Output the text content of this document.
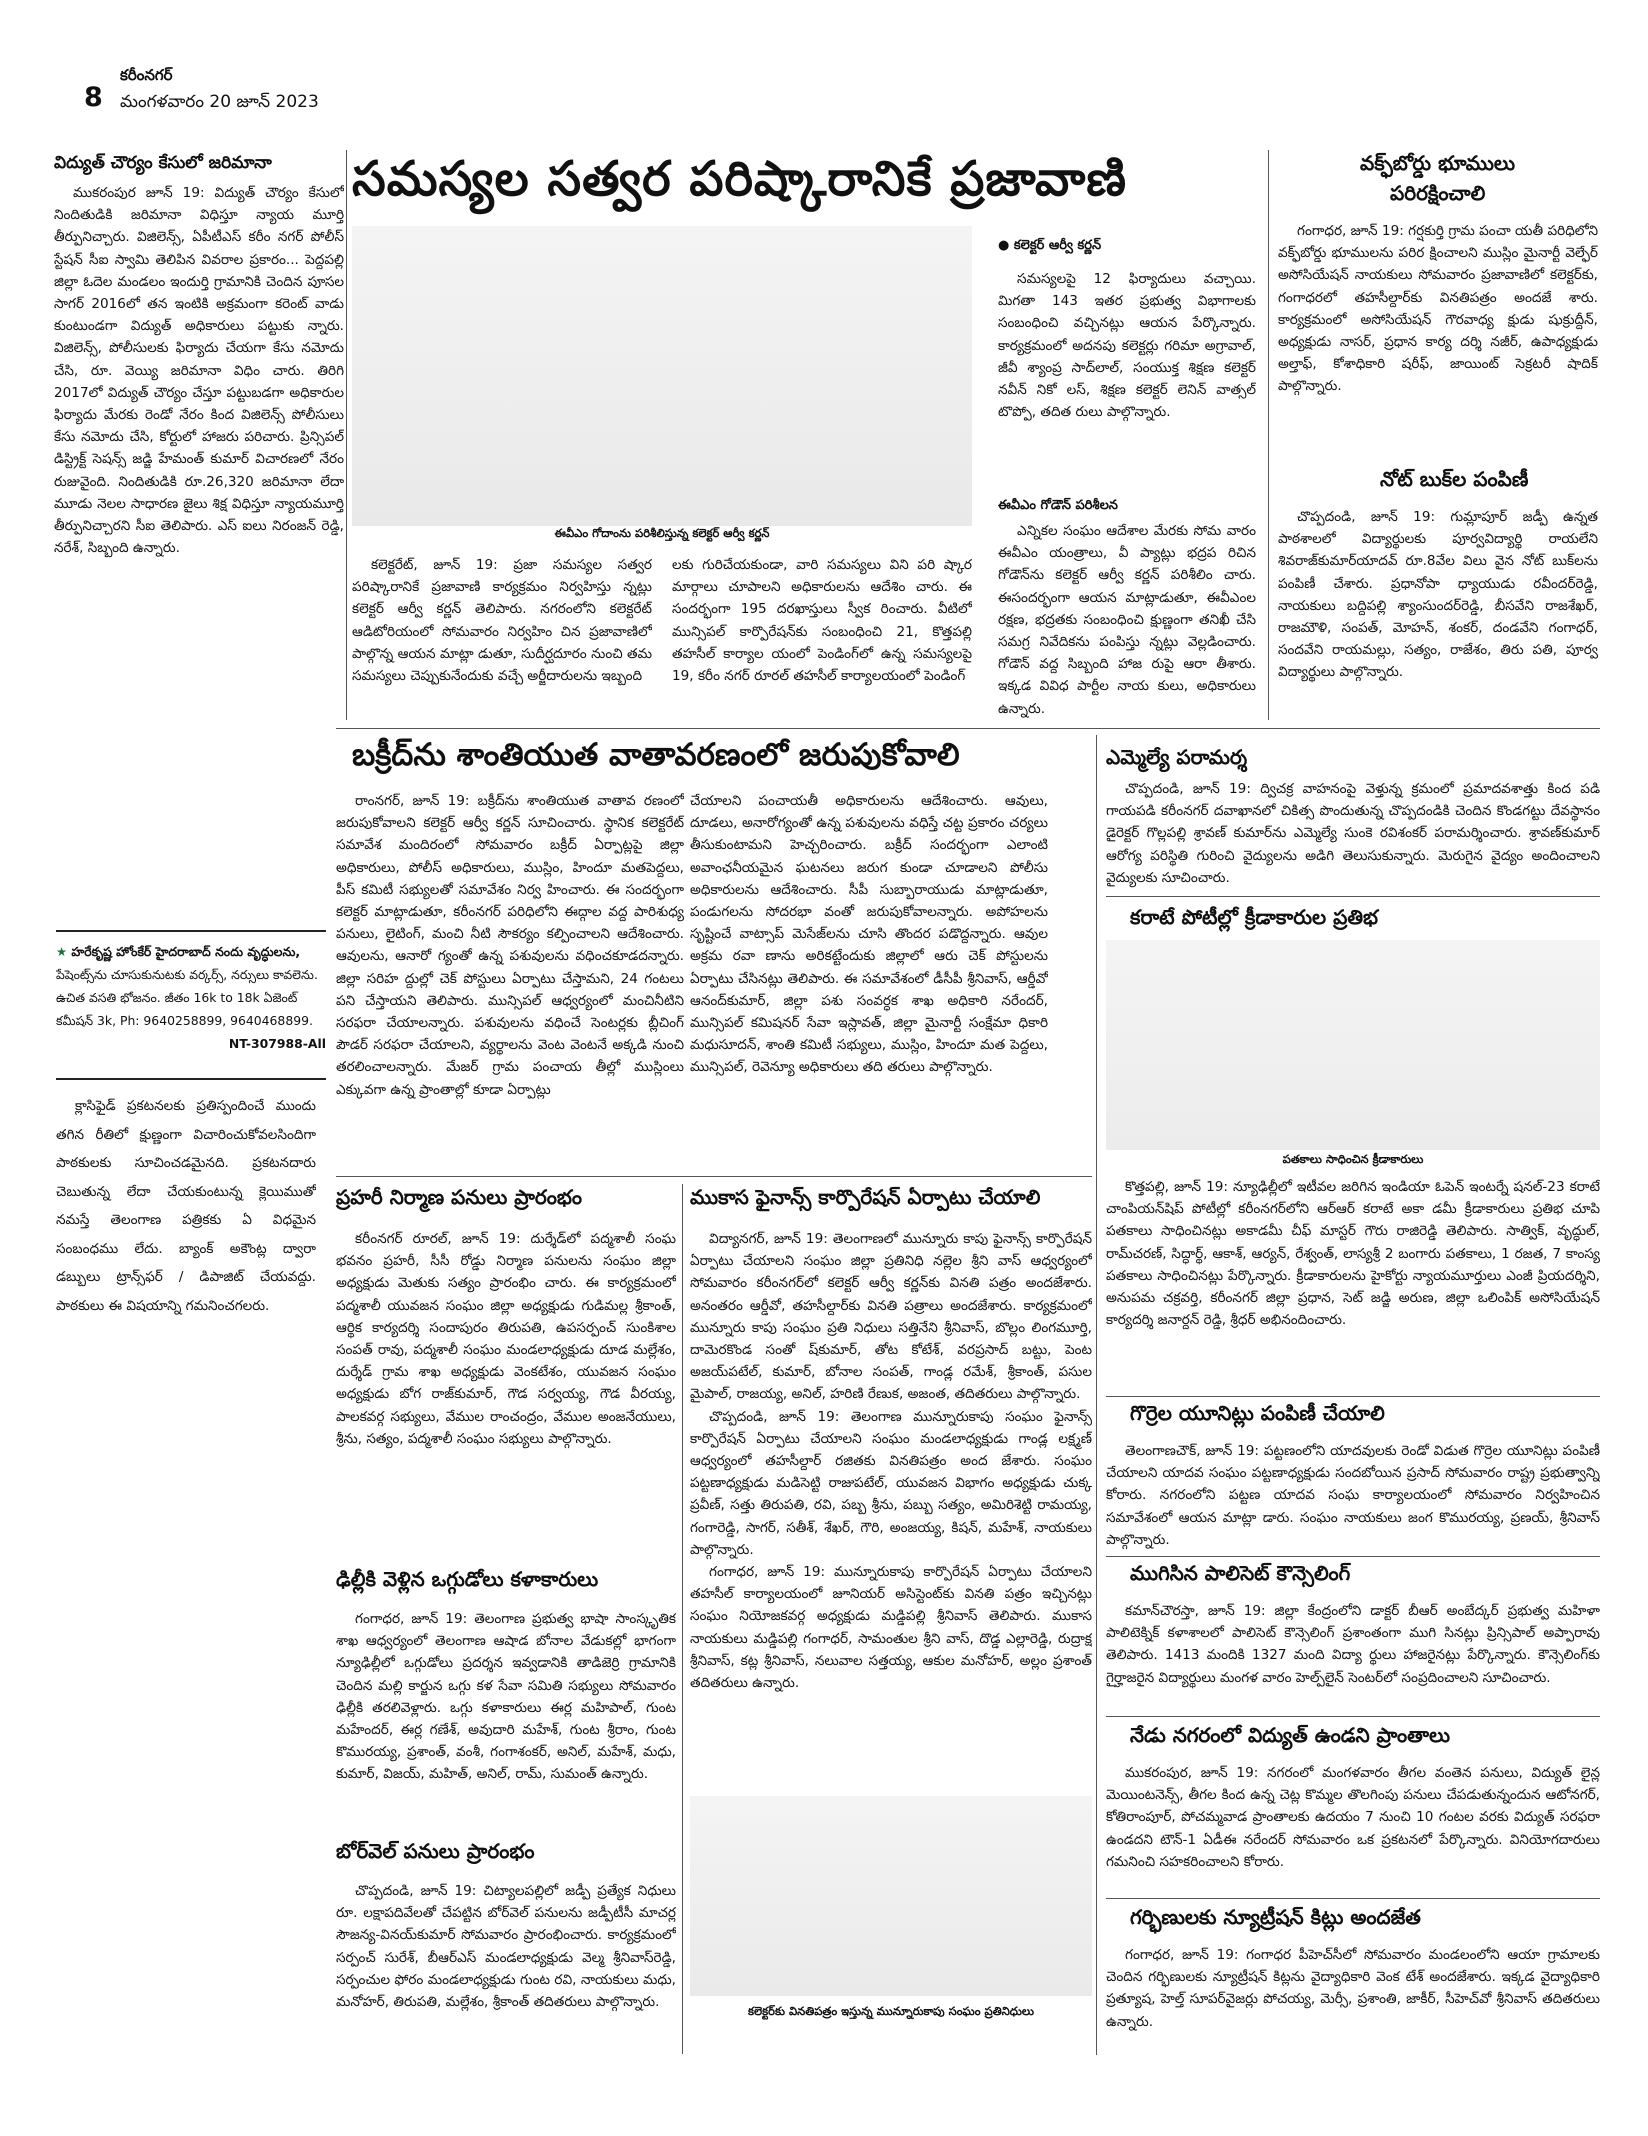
8
కరీంనగర్
మంగళవారం 20 జూన్ 2023
విద్యుత్ చౌర్యం కేసులో జరిమానా

ముకరంపుర జూన్ 19: విద్యుత్ చౌర్యం కేసులో నిందితుడికి జరిమానా విధిస్తూ న్యాయ మూర్తి తీర్పునిచ్చారు. విజిలెన్స్, ఏపీటీఎస్ కరీం నగర్ పోలీస్ స్టేషన్ సీఐ స్వామి తెలిపిన వివరాల ప్రకారం... పెద్దపల్లి జిల్లా ఓదెల మండలం ఇందుర్తి గ్రామానికి చెందిన పూసల సాగర్ 2016లో తన ఇంటికి అక్రమంగా కరెంట్ వాడు కుంటుండగా విద్యుత్ అధికారులు పట్టుకు న్నారు. విజిలెన్స్, పోలీసులకు ఫిర్యాదు చేయగా కేసు నమోదు చేసి, రూ. వెయ్యి జరిమానా విధిం చారు. తిరిగి 2017లో విద్యుత్ చౌర్యం చేస్తూ పట్టుబడగా అధికారుల ఫిర్యాదు మేరకు రెండో నేరం కింద విజిలెన్స్ పోలీసులు కేసు నమోదు చేసి, కోర్టులో హాజరు పరిచారు. ప్రిన్సిపల్ డిస్ట్రిక్ట్ సెషన్స్ జడ్జి హేమంత్ కుమార్ విచారణలో నేరం రుజువైంది. నిందితుడికి రూ.26,320 జరిమానా లేదా మూడు నెలల సాధారణ జైలు శిక్ష విధిస్తూ న్యాయమూర్తి తీర్పునిచ్చారని సీఐ తెలిపారు. ఎస్ ఐలు నిరంజన్ రెడ్డి, నరేశ్, సిబ్బంది ఉన్నారు.

సమస్యల సత్వర పరిష్కారానికే ప్రజావాణి
ఈవీఎం గోదాంను పరిశీలిస్తున్న కలెక్టర్ ఆర్వీ కర్ణన్
● కలెక్టర్ ఆర్వీ కర్ణన్

సమస్యలపై 12 ఫిర్యాదులు వచ్చాయి. మిగతా 143 ఇతర ప్రభుత్వ విభాగాలకు సంబంధించి వచ్చినట్లు ఆయన పేర్కొన్నారు. కార్యక్రమంలో అదనపు కలెక్టర్లు గరిమా అగ్రావాల్, జీవీ శ్యాంప్ర సాద్‌లాల్, సంయుక్త శిక్షణ కలెక్టర్ నవీన్ నికో లస్, శిక్షణ కలెక్టర్ లెనిన్ వాత్సల్ టొప్పో, తదిత రులు పాల్గొన్నారు.

ఈవీఎం గోడౌన్ పరిశీలన

ఎన్నికల సంఘం ఆదేశాల మేరకు సోమ వారం ఈవీఎం యంత్రాలు, వీ ప్యాట్లు భద్రప రిచిన గోడౌన్‌ను కలెక్టర్ ఆర్వీ కర్ణన్ పరిశీలిం చారు. ఈసందర్భంగా ఆయన మాట్లాడుతూ, ఈవీఎంల రక్షణ, భద్రతకు సంబంధించి క్షుణ్ణంగా తనిఖీ చేసి సమగ్ర నివేదికను పంపిస్తు న్నట్లు వెల్లడించారు. గోడౌన్ వద్ద సిబ్బంది హాజ రుపై ఆరా తీశారు. ఇక్కడ వివిధ పార్టీల నాయ కులు, అధికారులు ఉన్నారు.

కలెక్టరేట్, జూన్ 19: ప్రజా సమస్యల సత్వర పరిష్కారానికే ప్రజావాణి కార్యక్రమం నిర్వహిస్తు న్నట్లు కలెక్టర్ ఆర్వీ కర్ణన్ తెలిపారు. నగరంలోని కలెక్టరేట్ ఆడిటోరియంలో సోమవారం నిర్వహిం చిన ప్రజావాణిలో పాల్గొన్న ఆయన మాట్లా డుతూ, సుదీర్ఘదూరం నుంచి తమ సమస్యలు చెప్పుకునేందుకు వచ్చే అర్జీదారులను ఇబ్బంది

లకు గురిచేయకుండా, వారి సమస్యలు విని పరి ష్కార మార్గాలు చూపాలని అధికారులను ఆదేశిం చారు. ఈ సందర్భంగా 195 దరఖాస్తులు స్వీక రించారు. వీటిలో మున్సిపల్ కార్పొరేషన్‌కు సంబంధించి 21, కొత్తపల్లి తహసీల్ కార్యాల యంలో పెండింగ్‌లో ఉన్న సమస్యలపై 19, కరీం నగర్ రూరల్ తహసీల్ కార్యాలయంలో పెండింగ్

వక్ఫ్‌బోర్డు భూములు
పరిరక్షించాలి

గంగాధర, జూన్ 19: గర్షకుర్తి గ్రామ పంచా యతీ పరిధిలోని వక్ఫ్‌బోర్డు భూములను పరిర క్షించాలని ముస్లిం మైనార్టీ వెల్ఫేర్ అసోసియేషన్ నాయకులు సోమవారం ప్రజావాణిలో కలెక్టర్‌కు, గంగాధరలో తహసీల్దార్‌కు వినతిపత్రం అందజే శారు. కార్యక్రమంలో అసోసియేషన్ గౌరవాధ్య క్షుడు షుక్రుద్దీన్, అధ్యక్షుడు నాసర్, ప్రధాన కార్య దర్శి నజీర్, ఉపాధ్యక్షుడు అల్తాఫ్, కోశాధికారి షరీఫ్, జాయింట్ సెక్రటరీ షాదిక్ పాల్గొన్నారు.

నోట్ బుక్‌ల పంపిణీ

చొప్పదండి, జూన్ 19: గుమ్లాపూర్ జడ్పీ ఉన్నత పాఠశాలలో విద్యార్థులకు పూర్వవిద్యార్థి రాయలేని శివరాజ్‌కుమార్‌యాదవ్ రూ.8వేల విలు వైన నోట్ బుక్‌లను పంపిణీ చేశారు. ప్రధానోపా ధ్యాయుడు రవీందర్‌రెడ్డి, నాయకులు బద్దిపల్లి శ్యాంసుందర్‌రెడ్డి, బీసవేని రాజశేఖర్, రాజమౌళి, సంపత్, మోహన్, శంకర్, దండవేని గంగాధర్, సందవేని రాయమల్లు, సత్యం, రాజేశం, తిరు పతి, పూర్వ విద్యార్థులు పాల్గొన్నారు.

బక్రీద్‌ను శాంతియుత వాతావరణంలో జరుపుకోవాలి

రాంనగర్, జూన్ 19: బక్రీద్‌ను శాంతియుత వాతావ రణంలో జరుపుకోవాలని కలెక్టర్ ఆర్వీ కర్ణన్ సూచించారు. స్థానిక కలెక్టరేట్ సమావేశ మందిరంలో సోమవారం బక్రీద్ ఏర్పాట్లపై జిల్లా అధికారులు, పోలీస్ అధికారులు, ముస్లిం, హిందూ మతపెద్దలు, పీస్ కమిటీ సభ్యులతో సమావేశం నిర్వ హించారు. ఈ సందర్భంగా కలెక్టర్ మాట్లాడుతూ, కరీంనగర్ పరిధిలోని ఈద్గాల వద్ద పారిశుధ్య పనులు, లైటింగ్, మంచి నీటి సౌకర్యం కల్పించాలని ఆదేశించారు. ఆవులను, ఆనారో గ్యంతో ఉన్న పశువులను వధించకూడదన్నారు. జిల్లా సరిహ ద్దుల్లో చెక్ పోస్టులు ఏర్పాటు చేస్తామని, 24 గంటలు పని చేస్తాయని తెలిపారు. మున్సిపల్ ఆధ్వర్యంలో మంచినీటిని సరఫరా చేయాలన్నారు. పశువులను వధించే సెంటర్లకు బ్లీచింగ్ పౌడర్ సరఫరా చేయాలని, వ్యర్థాలను వెంట వెంటనే అక్కడి నుంచి తరలించాలన్నారు. మేజర్ గ్రామ పంచాయ తీల్లో ముస్లింలు ఎక్కువగా ఉన్న ప్రాంతాల్లో కూడా ఏర్పాట్లు

చేయాలని పంచాయతీ అధికారులను ఆదేశించారు. ఆవులు, దూడలు, అనారోగ్యంతో ఉన్న పశువులను వధిస్తే చట్ట ప్రకారం చర్యలు తీసుకుంటామని హెచ్చరించారు. బక్రీద్ సందర్భంగా ఎలాంటి అవాంఛనీయమైన ఘటనలు జరుగ కుండా చూడాలని పోలీసు అధికారులను ఆదేశించారు. సీపీ సుబ్బారాయుడు మాట్లాడుతూ, పండుగలను సోదరభా వంతో జరుపుకోవాలన్నారు. అపోహలను సృష్టించే వాట్సాప్ మెసేజ్‌లను చూసి తొందర పడొద్దన్నారు. ఆవుల అక్రమ రవా ణాను అరికట్టేందుకు జిల్లాలో ఆరు చెక్ పోస్టులను ఏర్పాటు చేసినట్లు తెలిపారు. ఈ సమావేశంలో డీసీపీ శ్రీనివాస్, ఆర్డీవో ఆనంద్‌కుమార్, జిల్లా పశు సంవర్ధక శాఖ అధికారి నరేందర్, మున్సిపల్ కమిషనర్ సేవా ఇస్లావత్, జిల్లా మైనార్టీ సంక్షేమా ధికారి మధుసూదన్, శాంతి కమిటీ సభ్యులు, ముస్లిం, హిందూ మత పెద్దలు, మున్సిపల్, రెవెన్యూ అధికారులు తది తరులు పాల్గొన్నారు.

ఎమ్మెల్యే పరామర్శ

చొప్పదండి, జూన్ 19: ద్విచక్ర వాహనంపై వెళ్తున్న క్రమంలో ప్రమాదవశాత్తు కింద పడి గాయపడి కరీంనగర్ దవాఖానలో చికిత్స పొందుతున్న చొప్పదండికి చెందిన కొండగట్టు దేవస్థానం డైరెక్టర్ గొల్లపల్లి శ్రావణ్ కుమార్‌ను ఎమ్మెల్యే సుంకె రవిశంకర్ పరామర్శించారు. శ్రావణ్‌కుమార్ ఆరోగ్య పరిస్థితి గురించి వైద్యులను అడిగి తెలుసుకున్నారు. మెరుగైన వైద్యం అందించాలని వైద్యులకు సూచించారు.

కరాటే పోటీల్లో క్రీడాకారుల ప్రతిభ
పతకాలు సాధించిన క్రీడాకారులు

కొత్తపల్లి, జూన్ 19: న్యూఢిల్లీలో ఇటీవల జరిగిన ఇండియా ఓపెన్ ఇంటర్నే షనల్-23 కరాటే చాంపియన్‌షిప్ పోటీల్లో కరీంనగర్‌లోని ఆర్‌ఆర్ కరాటే అకా డమీ క్రీడాకారులు ప్రతిభ చూపి పతకాలు సాధించినట్లు అకాడమీ చీఫ్ మాస్టర్ గౌరు రాజిరెడ్డి తెలిపారు. సాత్విక్, వృద్ధుల్, రామ్‌చరణ్, సిద్ధార్థ్, ఆకాశ్, ఆర్యన్, రేశ్వంత్, లాస్యశ్రీ 2 బంగారు పతకాలు, 1 రజత, 7 కాంస్య పతకాలు సాధించినట్లు పేర్కొన్నారు. క్రీడాకారులను హైకోర్టు న్యాయమూర్తులు ఎంజీ ప్రియదర్శిని, అనుపమ చక్రవర్తి, కరీంనగర్ జిల్లా ప్రధాన, సెట్ జడ్జి అరుణ, జిల్లా ఒలింపిక్ అసోసియేషన్ కార్యదర్శి జనార్దన్ రెడ్డి, శ్రీధర్ అభినందించారు.

★ హరేకృష్ణ హోంకేర్ హైదరాబాద్ నందు వృద్ధులను,

పేషెంట్స్‌ను చూసుకునుటకు వర్కర్స్, నర్సులు కావలెను.

ఉచిత వసతి భోజనం. జీతం 16k to 18k ఏజెంట్

కమీషన్ 3k, Ph: 9640258899, 9640468899.

NT-307988-All

క్లాసిఫైడ్ ప్రకటనలకు ప్రతిస్పందించే ముందు తగిన రీతిలో క్షుణ్ణంగా విచారించుకోవలసిందిగా పాఠకులకు సూచించడమైనది. ప్రకటనదారు చెబుతున్న లేదా చేయకుంటున్న క్లెయిముతో నమస్తే తెలంగాణ పత్రికకు ఏ విధమైన సంబంధము లేదు. బ్యాంక్ అకౌంట్ల ద్వారా డబ్బులు ట్రాన్స్‌ఫర్ / డిపాజిట్ చేయవద్దు. పాఠకులు ఈ విషయాన్ని గమనించగలరు.

ప్రహరీ నిర్మాణ పనులు ప్రారంభం

కరీంనగర్ రూరల్, జూన్ 19: దుర్శేడ్‌లో పద్మశాలీ సంఘ భవనం ప్రహరీ, సీసీ రోడ్డు నిర్మాణ పనులను సంఘం జిల్లా అధ్యక్షుడు మెతుకు సత్యం ప్రారంభిం చారు. ఈ కార్యక్రమంలో పద్మశాలీ యువజన సంఘం జిల్లా అధ్యక్షుడు గుడిమల్ల శ్రీకాంత్, ఆర్థిక కార్యదర్శి సందాపురం తిరుపతి, ఉపసర్పంచ్ సుంకిశాల సంపత్ రావు, పద్మశాలీ సంఘం మండలాధ్యక్షుడు దూడ మల్లేశం, దుర్శేడ్ గ్రామ శాఖ అధ్యక్షుడు వెంకటేశం, యువజన సంఘం అధ్యక్షుడు బోగ రాజ్‌కుమార్, గౌడ సర్వయ్య, గౌడ వీరయ్య, పాలకవర్గ సభ్యులు, వేముల రాంచంద్రం, వేముల అంజనేయులు, శ్రీను, సత్యం, పద్మశాలీ సంఘం సభ్యులు పాల్గొన్నారు.

ఢిల్లీకి వెళ్లిన ఒగ్గుడోలు కళాకారులు

గంగాధర, జూన్ 19: తెలంగాణ ప్రభుత్వ భాషా సాంస్కృతిక శాఖ ఆధ్వర్యంలో తెలంగాణ ఆషాడ బోనాల వేడుకల్లో భాగంగా న్యూఢిల్లీలో ఒగ్గుడోలు ప్రదర్శన ఇవ్వడానికి తాడిజెర్రి గ్రామానికి చెందిన మల్లి కార్జున ఒగ్గు కళ సేవా సమితి సభ్యులు సోమవారం ఢిల్లీకి తరలివెళ్లారు. ఒగ్గు కళాకారులు ఈర్ల మహిపాల్, గుంట మహేందర్, ఈర్ల గణేశ్, అవుదారి మహేశ్, గుంట శ్రీరాం, గుంట కొమురయ్య, ప్రశాంత్, వంశీ, గంగాశంకర్, అనిల్, మహేశ్, మధు, కుమార్, విజయ్, మహిత్, అనిల్, రామ్, సుమంత్ ఉన్నారు.

బోర్‌వెల్ పనులు ప్రారంభం

చొప్పదండి, జూన్ 19: చిట్యాలపల్లిలో జడ్పీ ప్రత్యేక నిధులు రూ. లక్షాపదివేలతో చేపట్టిన బోర్‌వెల్ పనులను జడ్పీటీసీ మాచర్ల సౌజన్య-వినయ్‌కుమార్ సోమవారం ప్రారంభించారు. కార్యక్రమంలో సర్పంచ్ సురేశ్, బీఆర్‌ఎస్ మండలాధ్యక్షుడు వెల్మ శ్రీనివాస్‌రెడ్డి, సర్పంచుల ఫోరం మండలాధ్యక్షుడు గుంట రవి, నాయకులు మధు, మనోహర్, తిరుపతి, మల్లేశం, శ్రీకాంత్ తదితరులు పాల్గొన్నారు.

ముకాస ఫైనాన్స్ కార్పొరేషన్ ఏర్పాటు చేయాలి

విద్యానగర్, జూన్ 19: తెలంగాణలో మున్నూరు కాపు ఫైనాన్స్ కార్పొరేషన్ ఏర్పాటు చేయాలని సంఘం జిల్లా ప్రతినిధి నల్లెల శ్రీని వాస్ ఆధ్వర్యంలో సోమవారం కరీంనగర్‌లో కలెక్టర్ ఆర్వీ కర్ణన్‌కు వినతి పత్రం అందజేశారు. అనంతరం ఆర్డీవో, తహసీల్దార్‌కు వినతి పత్రాలు అందజేశారు. కార్యక్రమంలో మున్నూరు కాపు సంఘం ప్రతి నిధులు సత్తినేని శ్రీనివాస్, బొల్లం లింగమూర్తి, దామెరకొండ సంతో ష్‌కుమార్, తోట కోటేశ్, వరప్రసాద్ బట్టు, పెంట అజయ్‌పటేల్, కుమార్, బోనాల సంపత్, గాండ్ల రమేశ్, శ్రీకాంత్, పసుల మైపాల్, రాజయ్య, అనిల్, హరిణి రేణుక, అజంత, తదితరులు పాల్గొన్నారు.

చొప్పదండి, జూన్ 19: తెలంగాణ మున్నూరుకాపు సంఘం ఫైనాన్స్ కార్పొరేషన్ ఏర్పాటు చేయాలని సంఘం మండలాధ్యక్షుడు గాండ్ల లక్ష్మణ్ ఆధ్వర్యంలో తహసీల్దార్ రజితకు వినతిపత్రం అంద జేశారు. సంఘం పట్టణాధ్యక్షుడు మడిసెట్టి రాజుపటేల్, యువజన విభాగం అధ్యక్షుడు చుక్క ప్రవీణ్, సత్తు తిరుపతి, రవి, పబ్బ శ్రీను, పబ్బు సత్యం, అమిరిశెట్టి రామయ్య, గంగారెడ్డి, సాగర్, సతీశ్, శేఖర్, గౌరి, అంజయ్య, కిషన్, మహేశ్, నాయకులు పాల్గొన్నారు.

గంగాధర, జూన్ 19: మున్నూరుకాపు కార్పొరేషన్ ఏర్పాటు చేయాలని తహసీల్ కార్యాలయంలో జూనియర్ అసిస్టెంట్‌కు వినతి పత్రం ఇచ్చినట్లు సంఘం నియోజకవర్గ అధ్యక్షుడు మడ్డిపల్లి శ్రీనివాస్ తెలిపారు. ముకాస నాయకులు మడ్డిపల్లి గంగాధర్, సామంతుల శ్రీని వాస్, దొడ్డ ఎల్లారెడ్డి, రుద్రాక్ష శ్రీనివాస్, కట్ల శ్రీనివాస్, నలువాల సత్తయ్య, ఆకుల మనోహర్, అల్లం ప్రశాంత్ తదితరులు ఉన్నారు.

కలెక్టర్‌కు వినతిపత్రం ఇస్తున్న మున్నూరుకాపు సంఘం ప్రతినిధులు
గొర్రెల యూనిట్లు పంపిణీ చేయాలి

తెలంగాణచౌక్, జూన్ 19: పట్టణంలోని యాదవులకు రెండో విడుత గొర్రెల యూనిట్లు పంపిణీ చేయాలని యాదవ సంఘం పట్టణాధ్యక్షుడు సందబోయిన ప్రసాద్ సోమవారం రాష్ట్ర ప్రభుత్వాన్ని కోరారు. నగరంలోని పట్టణ యాదవ సంఘ కార్యాలయంలో సోమవారం నిర్వహించిన సమావేశంలో ఆయన మాట్లా డారు. సంఘం నాయకులు జంగ కొమురయ్య, ప్రణయ్, శ్రీనివాస్ పాల్గొన్నారు.

ముగిసిన పాలిసెట్ కౌన్సెలింగ్

కమాన్‌చౌరస్తా, జూన్ 19: జిల్లా కేంద్రంలోని డాక్టర్ బీఆర్ అంబేద్కర్ ప్రభుత్వ మహిళా పాలిటెక్నిక్ కళాశాలలో పాలిసెట్ కౌన్సెలింగ్ ప్రశాంతంగా ముగి సినట్లు ప్రిన్సిపాల్ అప్పారావు తెలిపారు. 1413 మందికి 1327 మంది విద్యా ర్థులు హాజరైనట్లు పేర్కొన్నారు. కౌన్సెలింగ్‌కు గైర్హాజరైన విద్యార్థులు మంగళ వారం హెల్ప్‌లైన్ సెంటర్‌లో సంప్రదించాలని సూచించారు.

నేడు నగరంలో విద్యుత్ ఉండని ప్రాంతాలు

ముకరంపుర, జూన్ 19: నగరంలో మంగళవారం తీగల వంతెన పనులు, విద్యుత్ లైన్ల మెయింటనెన్స్, తీగల కింద ఉన్న చెట్ల కొమ్మల తొలగింపు పనులు చేపడుతున్నందున ఆటోనగర్, కోతిరాంపూర్, పోచమ్మవాడ ప్రాంతాలకు ఉదయం 7 నుంచి 10 గంటల వరకు విద్యుత్ సరఫరా ఉండదని టౌన్-1 ఏడీఈ నరేందర్ సోమవారం ఒక ప్రకటనలో పేర్కొన్నారు. వినియోగదారులు గమనించి సహకరించాలని కోరారు.

గర్భిణులకు న్యూట్రీషన్ కిట్లు అందజేత

గంగాధర, జూన్ 19: గంగాధర పీహెచ్‌సీలో సోమవారం మండలంలోని ఆయా గ్రామాలకు చెందిన గర్భిణులకు న్యూట్రీషన్ కిట్లను వైద్యాధికారి వెంక టేశ్ అందజేశారు. ఇక్కడ వైద్యాధికారి ప్రత్యూష, హెల్త్ సూపర్‌వైజర్లు పోచయ్య, మెర్సీ, ప్రశాంతి, జాకీర్, సీహెచ్‌వో శ్రీనివాస్ తదితరులు ఉన్నారు.
